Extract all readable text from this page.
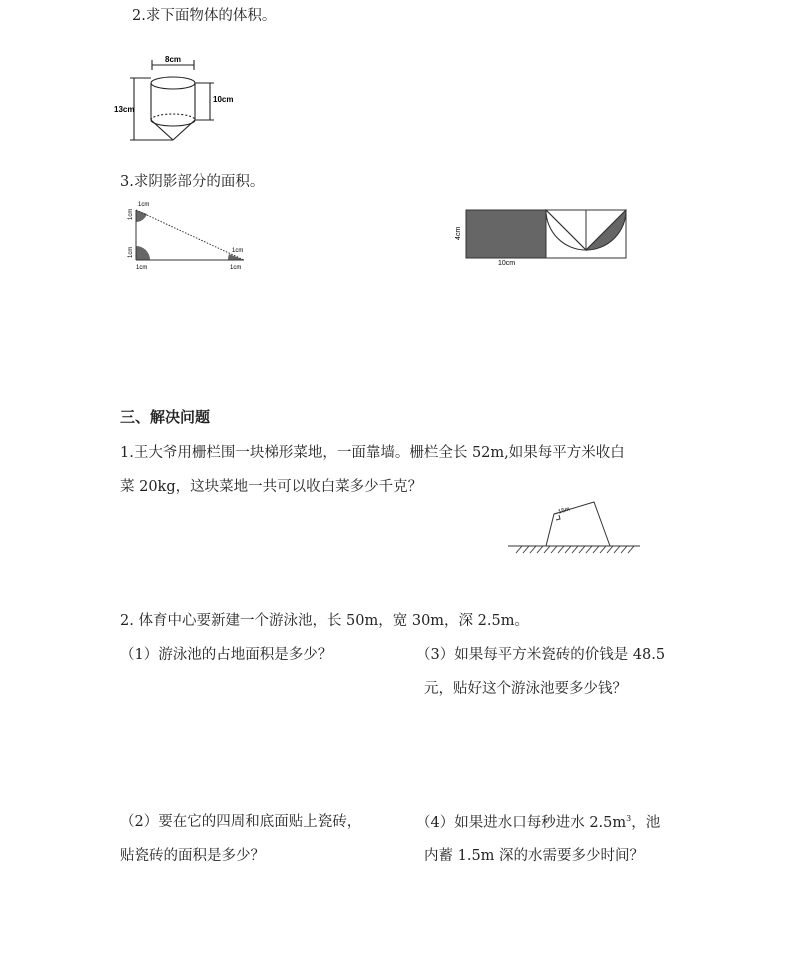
2.求下面物体的体积。
8cm
13cm
10cm
3.求阴影部分的面积。
1cm
1cm
1cm
1cm
1cm
1cm
4cm
10cm
三、解决问题
1.王大爷用栅栏围一块梯形菜地，一面靠墙。栅栏全长 52m,如果每平方米收白
菜 20kg，这块菜地一共可以收白菜多少千克？
15m
2. 体育中心要新建一个游泳池，长 50m，宽 30m，深 2.5m。
（1）游泳池的占地面积是多少？	（3）如果每平方米瓷砖的价钱是 48.5
元，贴好这个游泳池要多少钱？
（2）要在它的四周和底面贴上瓷砖，
贴瓷砖的面积是多少？
（4）如果进水口每秒进水 $2.5m^3$，池
内蓄 1.5m 深的水需要多少时间？
